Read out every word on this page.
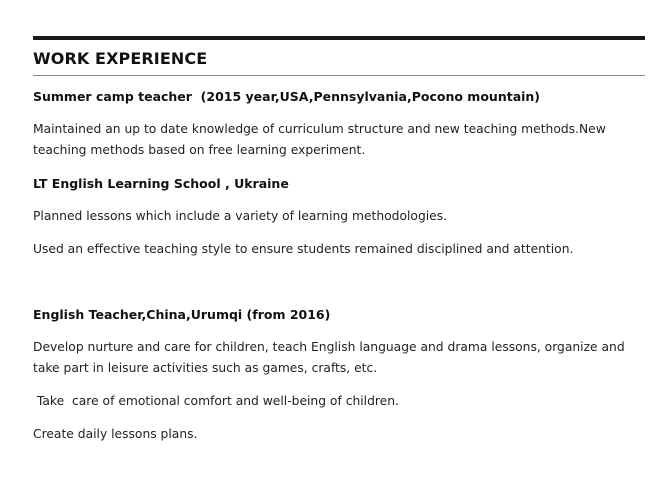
WORK EXPERIENCE
Summer camp teacher  (2015 year,USA,Pennsylvania,Pocono mountain)
Maintained an up to date knowledge of curriculum structure and new teaching methods.New teaching methods based on free learning experiment.
LT English Learning School , Ukraine
Planned lessons which include a variety of learning methodologies.
Used an effective teaching style to ensure students remained disciplined and attention.
English Teacher,China,Urumqi (from 2016)
Develop nurture and care for children, teach English language and drama lessons, organize and take part in leisure activities such as games, crafts, etc.
Take  care of emotional comfort and well-being of children.
Create daily lessons plans.
